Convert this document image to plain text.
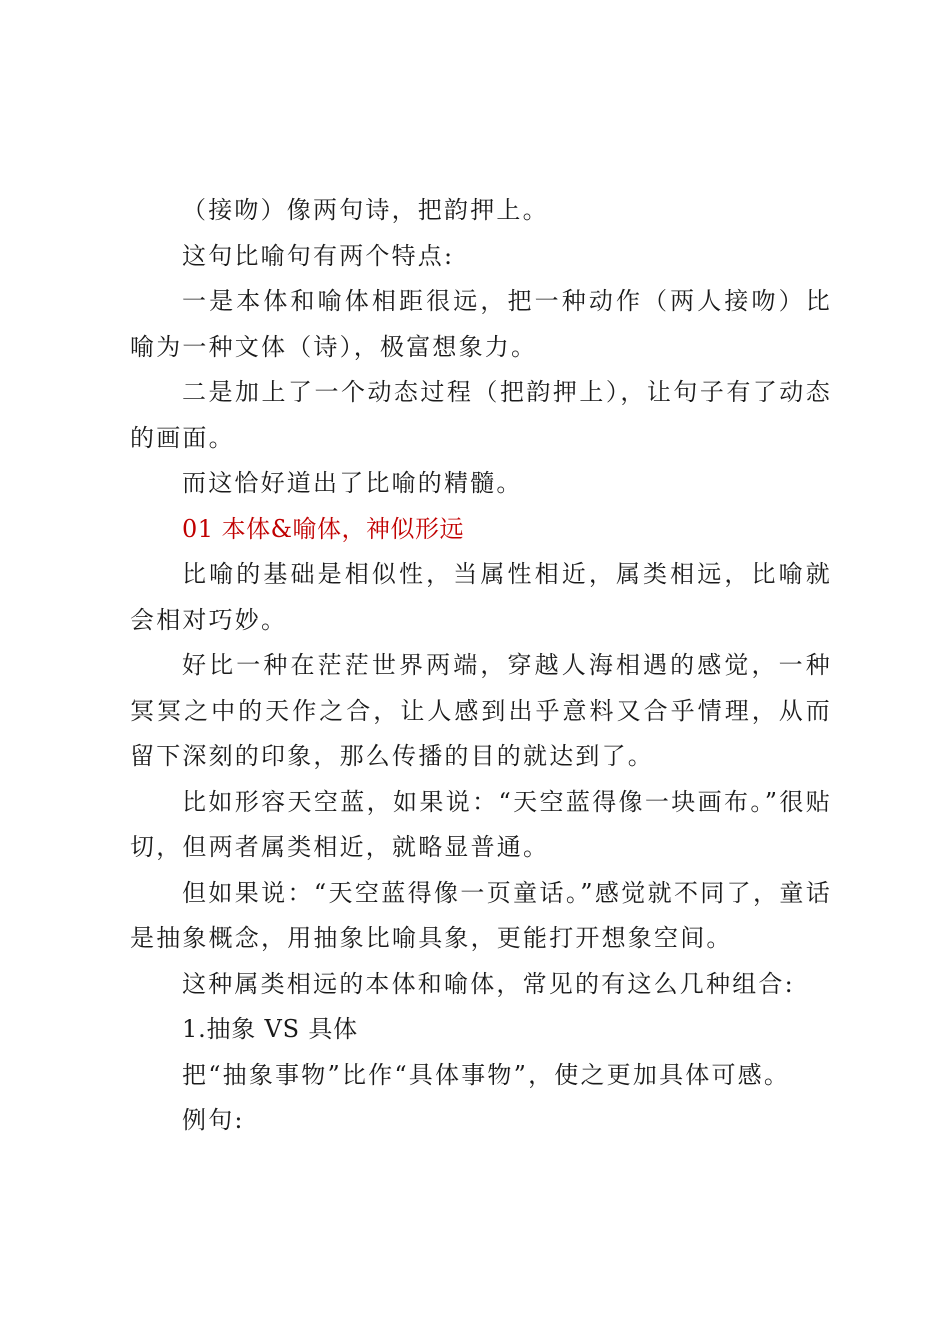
（接吻）像两句诗，把韵押上。

这句比喻句有两个特点:

一是本体和喻体相距很远，把一种动作（两人接吻）比喻为一种文体（诗），极富想象力。

二是加上了一个动态过程（把韵押上），让句子有了动态的画面。

而这恰好道出了比喻的精髓。

01 本体&喻体，神似形远

比喻的基础是相似性，当属性相近，属类相远，比喻就会相对巧妙。

好比一种在茫茫世界两端，穿越人海相遇的感觉，一种冥冥之中的天作之合，让人感到出乎意料又合乎情理，从而留下深刻的印象，那么传播的目的就达到了。

比如形容天空蓝，如果说：“天空蓝得像一块画布。”很贴切，但两者属类相近，就略显普通。

但如果说：“天空蓝得像一页童话。”感觉就不同了，童话是抽象概念，用抽象比喻具象，更能打开想象空间。

这种属类相远的本体和喻体，常见的有这么几种组合:

1.抽象 VS 具体

把“抽象事物”比作“具体事物”，使之更加具体可感。

例句:
